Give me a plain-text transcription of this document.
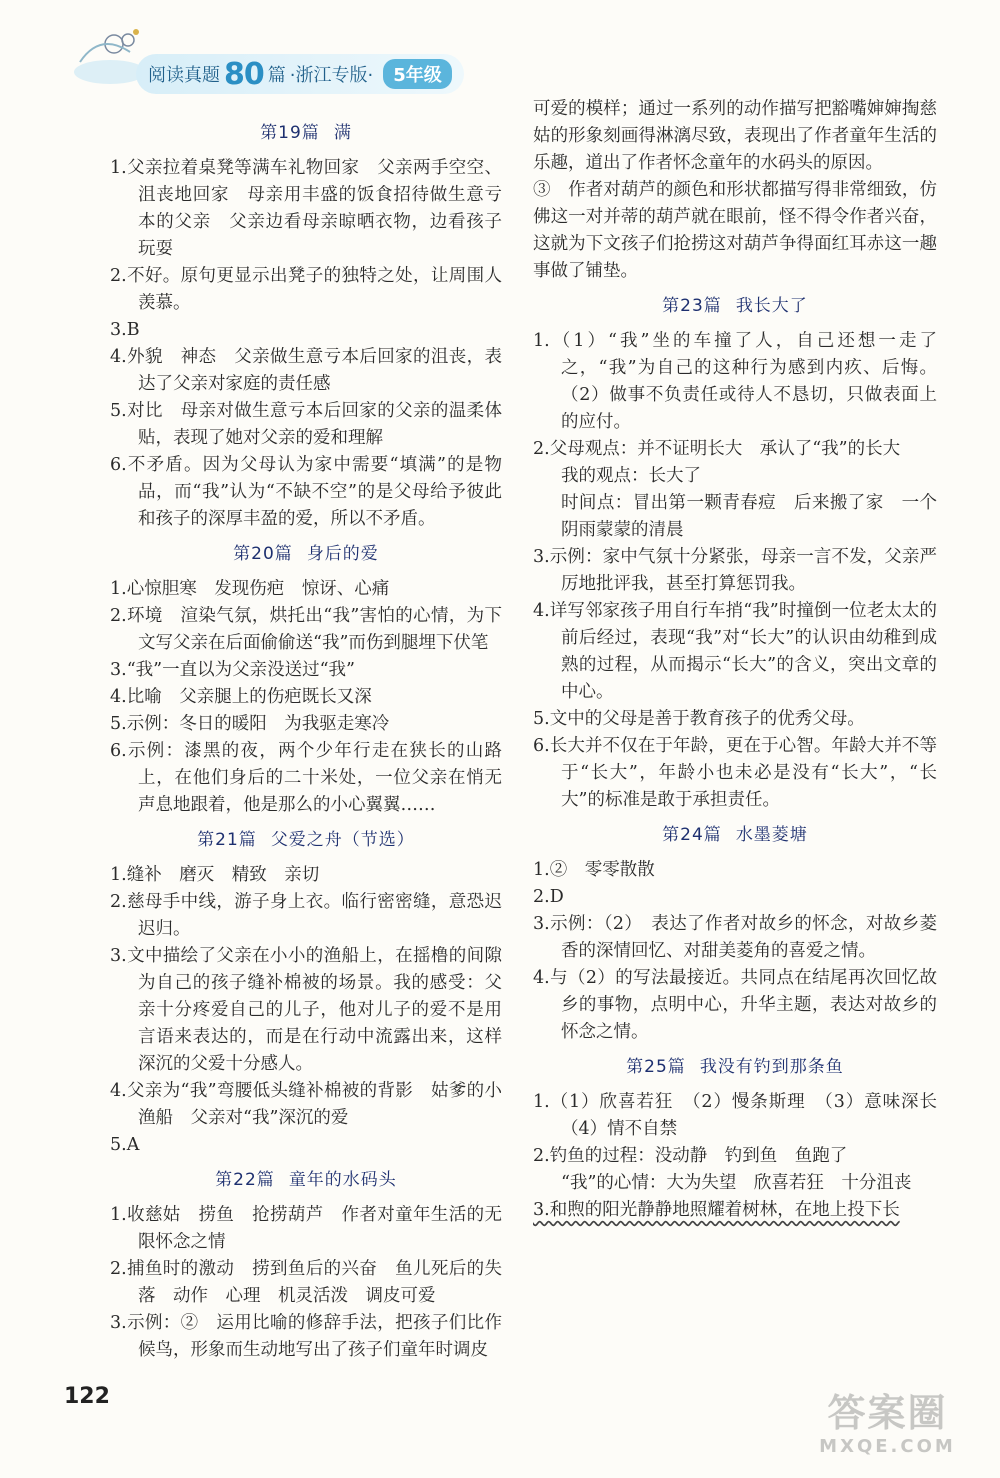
阅读真题 80 篇 ·浙江专版·	5年级
第19篇 满

1.父亲拉着桌凳等满车礼物回家　父亲两手空空、沮丧地回家　母亲用丰盛的饭食招待做生意亏本的父亲　父亲边看母亲晾晒衣物，边看孩子玩耍

2.不好。原句更显示出凳子的独特之处，让周围人羡慕。

3.B

4.外貌　神态　父亲做生意亏本后回家的沮丧，表达了父亲对家庭的责任感

5.对比　母亲对做生意亏本后回家的父亲的温柔体贴，表现了她对父亲的爱和理解

6.不矛盾。因为父母认为家中需要“填满”的是物品，而“我”认为“不缺不空”的是父母给予彼此和孩子的深厚丰盈的爱，所以不矛盾。

第20篇 身后的爱

1.心惊胆寒　发现伤疤　惊讶、心痛

2.环境　渲染气氛，烘托出“我”害怕的心情，为下文写父亲在后面偷偷送“我”而伤到腿埋下伏笔

3.“我”一直以为父亲没送过“我”

4.比喻　父亲腿上的伤疤既长又深

5.示例：冬日的暖阳　为我驱走寒冷

6.示例：漆黑的夜，两个少年行走在狭长的山路上，在他们身后的二十米处，一位父亲在悄无声息地跟着，他是那么的小心翼翼……

第21篇 父爱之舟（节选）

1.缝补　磨灭　精致　亲切

2.慈母手中线，游子身上衣。临行密密缝，意恐迟迟归。

3.文中描绘了父亲在小小的渔船上，在摇橹的间隙为自己的孩子缝补棉被的场景。我的感受：父亲十分疼爱自己的儿子，他对儿子的爱不是用言语来表达的，而是在行动中流露出来，这样深沉的父爱十分感人。

4.父亲为“我”弯腰低头缝补棉被的背影　姑爹的小渔船　父亲对“我”深沉的爱

5.A

第22篇 童年的水码头

1.收慈姑　捞鱼　抢捞葫芦　作者对童年生活的无限怀念之情

2.捕鱼时的激动　捞到鱼后的兴奋　鱼儿死后的失落　动作　心理　机灵活泼　调皮可爱

3.示例：②　运用比喻的修辞手法，把孩子们比作候鸟，形象而生动地写出了孩子们童年时调皮

可爱的模样；通过一系列的动作描写把豁嘴婶婶掏慈姑的形象刻画得淋漓尽致，表现出了作者童年生活的乐趣，道出了作者怀念童年的水码头的原因。

③　作者对葫芦的颜色和形状都描写得非常细致，仿佛这一对并蒂的葫芦就在眼前，怪不得令作者兴奋，这就为下文孩子们抢捞这对葫芦争得面红耳赤这一趣事做了铺垫。

第23篇 我长大了

1.（1）“我”坐的车撞了人，自己还想一走了之，“我”为自己的这种行为感到内疚、后悔。（2）做事不负责任或待人不恳切，只做表面上的应付。

2.父母观点：并不证明长大　承认了“我”的长大

我的观点：长大了

时间点：冒出第一颗青春痘　后来搬了家　一个阴雨蒙蒙的清晨

3.示例：家中气氛十分紧张，母亲一言不发，父亲严厉地批评我，甚至打算惩罚我。

4.详写邻家孩子用自行车捎“我”时撞倒一位老太太的前后经过，表现“我”对“长大”的认识由幼稚到成熟的过程，从而揭示“长大”的含义，突出文章的中心。

5.文中的父母是善于教育孩子的优秀父母。

6.长大并不仅在于年龄，更在于心智。年龄大并不等于“长大”，年龄小也未必是没有“长大”，“长大”的标准是敢于承担责任。

第24篇 水墨菱塘

1.②　零零散散

2.D

3.示例：（2）　表达了作者对故乡的怀念，对故乡菱香的深情回忆、对甜美菱角的喜爱之情。

4.与（2）的写法最接近。共同点在结尾再次回忆故乡的事物，点明中心，升华主题，表达对故乡的怀念之情。

第25篇 我没有钓到那条鱼

1.（1）欣喜若狂　（2）慢条斯理　（3）意味深长　（4）情不自禁

2.钓鱼的过程：没动静　钓到鱼　鱼跑了

“我”的心情：大为失望　欣喜若狂　十分沮丧

3.和煦的阳光静静地照耀着树林，在地上投下长

122	答案圈
MXQE.COM
